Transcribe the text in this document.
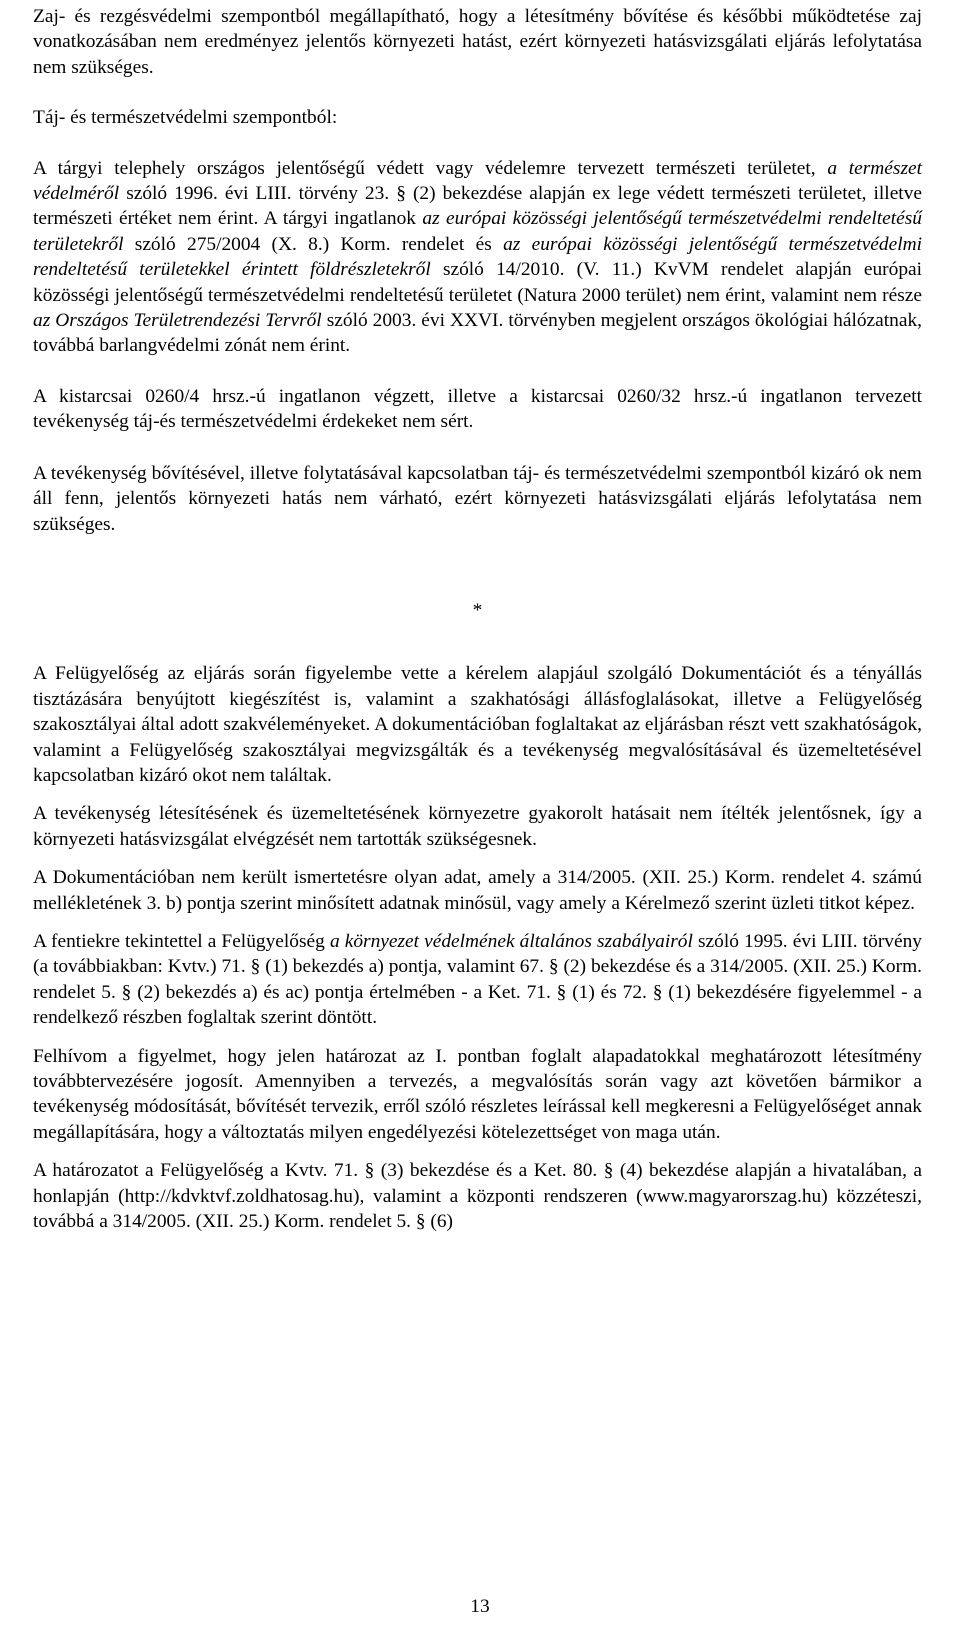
Zaj- és rezgésvédelmi szempontból megállapítható, hogy a létesítmény bővítése és későbbi működtetése zaj vonatkozásában nem eredményez jelentős környezeti hatást, ezért környezeti hatásvizsgálati eljárás lefolytatása nem szükséges.

Táj- és természetvédelmi szempontból:

A tárgyi telephely országos jelentőségű védett vagy védelemre tervezett természeti területet, a természet védelméről szóló 1996. évi LIII. törvény 23. § (2) bekezdése alapján ex lege védett természeti területet, illetve természeti értéket nem érint. A tárgyi ingatlanok az európai közösségi jelentőségű természetvédelmi rendeltetésű területekről szóló 275/2004 (X. 8.) Korm. rendelet és az európai közösségi jelentőségű természetvédelmi rendeltetésű területekkel érintett földrészletekről szóló 14/2010. (V. 11.) KvVM rendelet alapján európai közösségi jelentőségű természetvédelmi rendeltetésű területet (Natura 2000 terület) nem érint, valamint nem része az Országos Területrendezési Tervről szóló 2003. évi XXVI. törvényben megjelent országos ökológiai hálózatnak, továbbá barlangvédelmi zónát nem érint.

A kistarcsai 0260/4 hrsz.-ú ingatlanon végzett, illetve a kistarcsai 0260/32 hrsz.-ú ingatlanon tervezett tevékenység táj-és természetvédelmi érdekeket nem sért.

A tevékenység bővítésével, illetve folytatásával kapcsolatban táj- és természetvédelmi szempontból kizáró ok nem áll fenn, jelentős környezeti hatás nem várható, ezért környezeti hatásvizsgálati eljárás lefolytatása nem szükséges.

*

A Felügyelőség az eljárás során figyelembe vette a kérelem alapjául szolgáló Dokumentációt és a tényállás tisztázására benyújtott kiegészítést is, valamint a szakhatósági állásfoglalásokat, illetve a Felügyelőség szakosztályai által adott szakvéleményeket. A dokumentációban foglaltakat az eljárásban részt vett szakhatóságok, valamint a Felügyelőség szakosztályai megvizsgálták és a tevékenység megvalósításával és üzemeltetésével kapcsolatban kizáró okot nem találtak.

A tevékenység létesítésének és üzemeltetésének környezetre gyakorolt hatásait nem ítélték jelentősnek, így a környezeti hatásvizsgálat elvégzését nem tartották szükségesnek.

A Dokumentációban nem került ismertetésre olyan adat, amely a 314/2005. (XII. 25.) Korm. rendelet 4. számú mellékletének 3. b) pontja szerint minősített adatnak minősül, vagy amely a Kérelmező szerint üzleti titkot képez.

A fentiekre tekintettel a Felügyelőség a környezet védelmének általános szabályairól szóló 1995. évi LIII. törvény (a továbbiakban: Kvtv.) 71. § (1) bekezdés a) pontja, valamint 67. § (2) bekezdése és a 314/2005. (XII. 25.) Korm. rendelet 5. § (2) bekezdés a) és ac) pontja értelmében - a Ket. 71. § (1) és 72. § (1) bekezdésére figyelemmel - a rendelkező részben foglaltak szerint döntött.

Felhívom a figyelmet, hogy jelen határozat az I. pontban foglalt alapadatokkal meghatározott létesítmény továbbtervezésére jogosít. Amennyiben a tervezés, a megvalósítás során vagy azt követően bármikor a tevékenység módosítását, bővítését tervezik, erről szóló részletes leírással kell megkeresni a Felügyelőséget annak megállapítására, hogy a változtatás milyen engedélyezési kötelezettséget von maga után.

A határozatot a Felügyelőség a Kvtv. 71. § (3) bekezdése és a Ket. 80. § (4) bekezdése alapján a hivatalában, a honlapján (http://kdvktvf.zoldhatosag.hu), valamint a központi rendszeren (www.magyarorszag.hu) közzéteszi, továbbá a 314/2005. (XII. 25.) Korm. rendelet 5. § (6)

13
